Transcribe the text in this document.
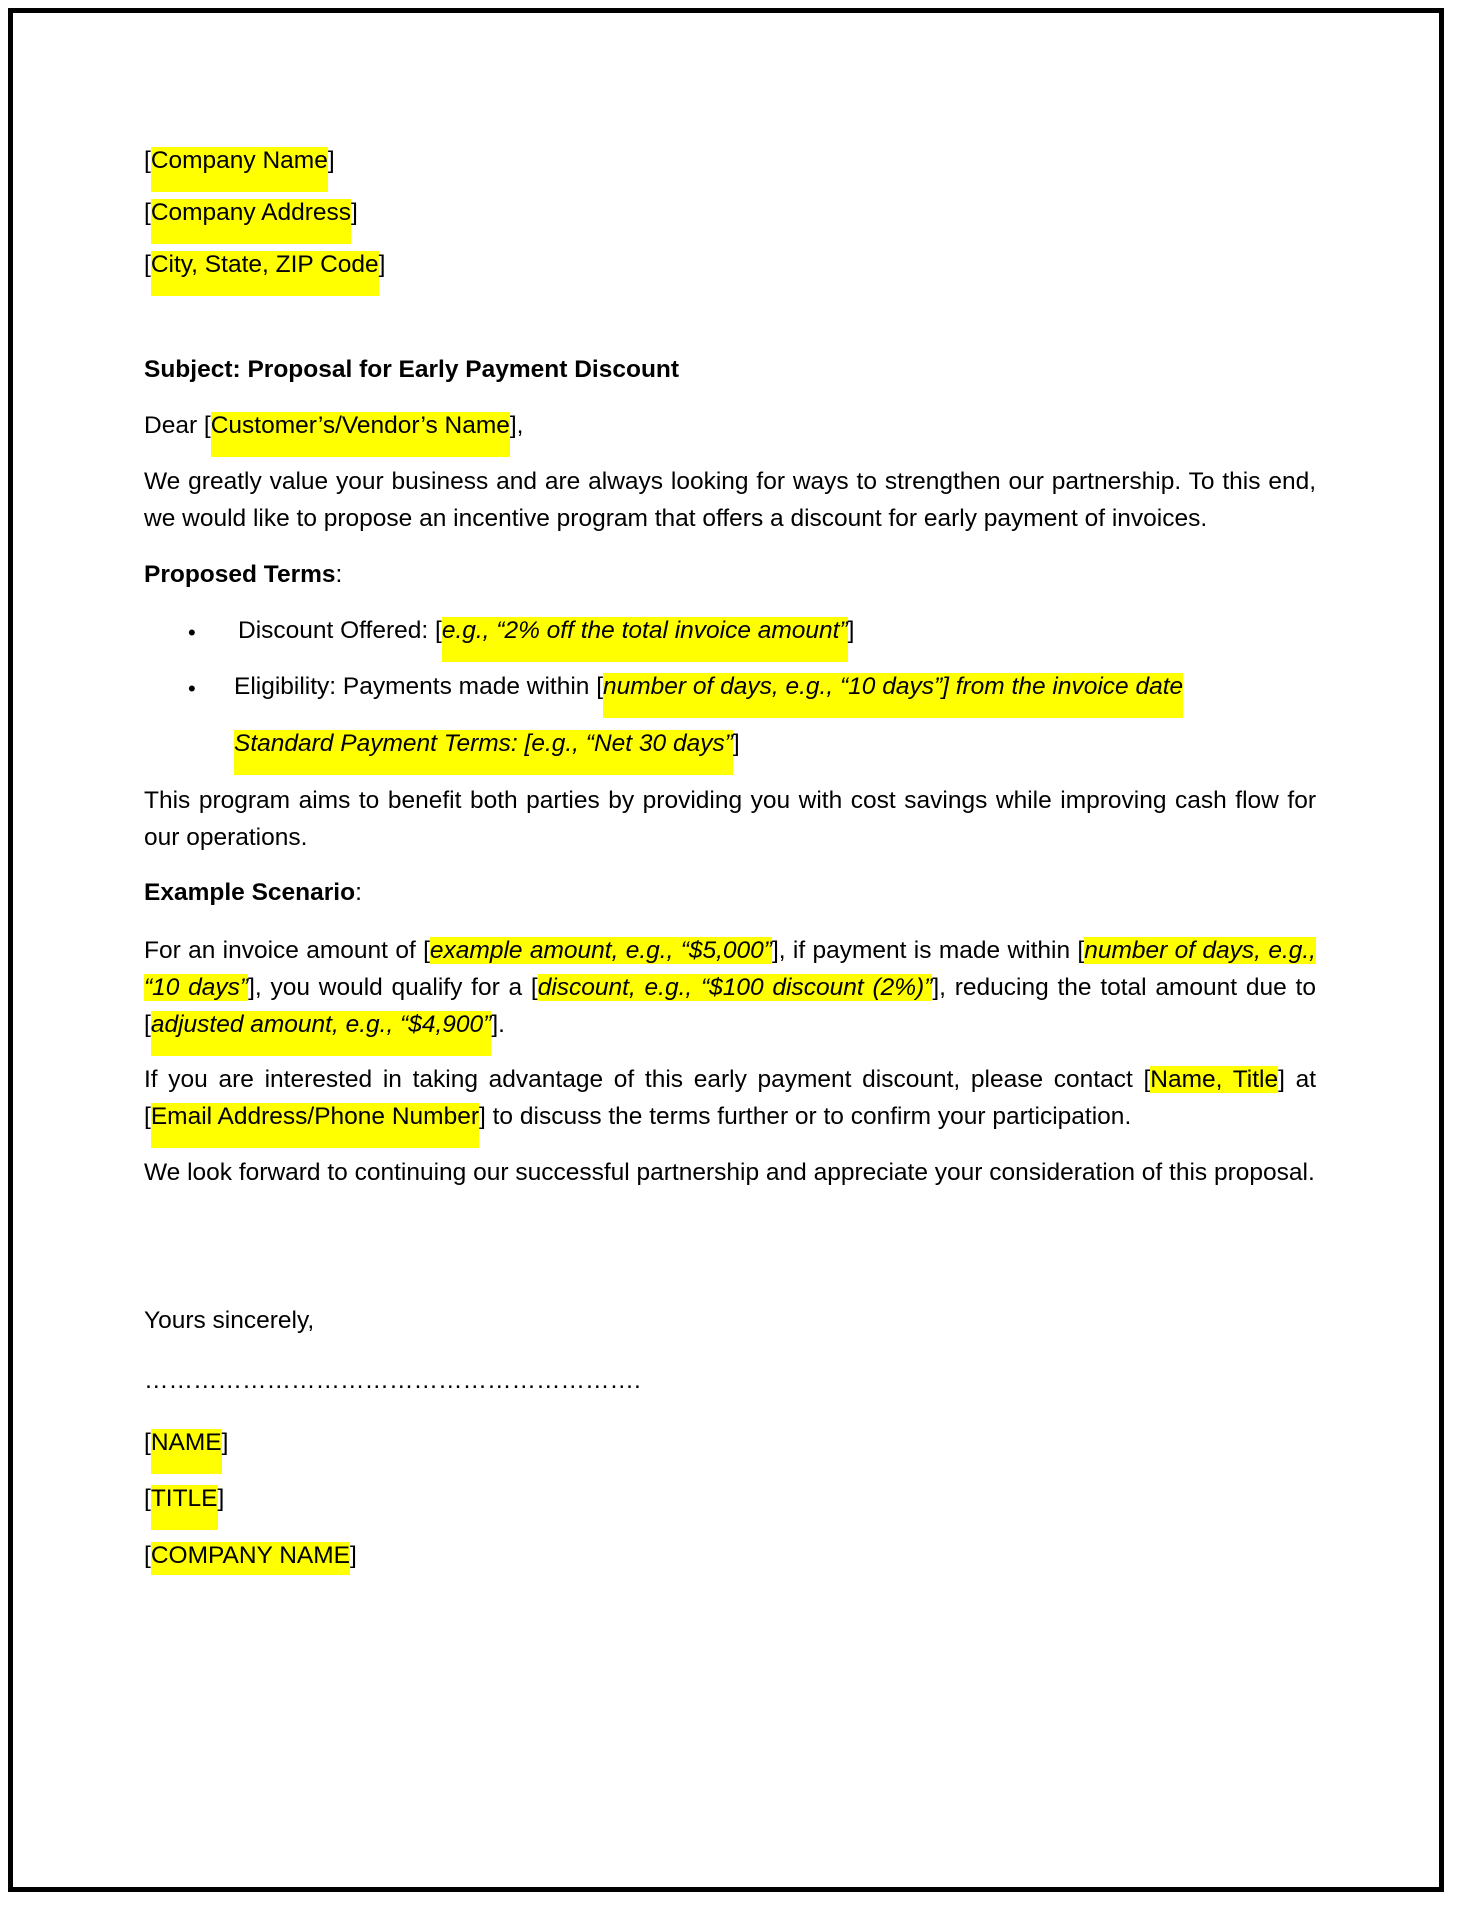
[Company Name]
[Company Address]
[City, State, ZIP Code]
Subject: Proposal for Early Payment Discount
Dear [Customer’s/Vendor’s Name],
We greatly value your business and are always looking for ways to strengthen our partnership. To this end, we would like to propose an incentive program that offers a discount for early payment of invoices.
Proposed Terms:
• Discount Offered: [e.g., “2% off the total invoice amount”]
• Eligibility: Payments made within [number of days, e.g., “10 days”] from the invoice date
Standard Payment Terms: [e.g., “Net 30 days”]
This program aims to benefit both parties by providing you with cost savings while improving cash flow for our operations.
Example Scenario:
For an invoice amount of [example amount, e.g., “$5,000”], if payment is made within [number of days, e.g., “10 days”], you would qualify for a [discount, e.g., “$100 discount (2%)”], reducing the total amount due to [adjusted amount, e.g., “$4,900”].
If you are interested in taking advantage of this early payment discount, please contact [Name, Title] at [Email Address/Phone Number] to discuss the terms further or to confirm your participation.
We look forward to continuing our successful partnership and appreciate your consideration of this proposal.
Yours sincerely,
…………………………………………………….
[NAME]
[TITLE]
[COMPANY NAME]
